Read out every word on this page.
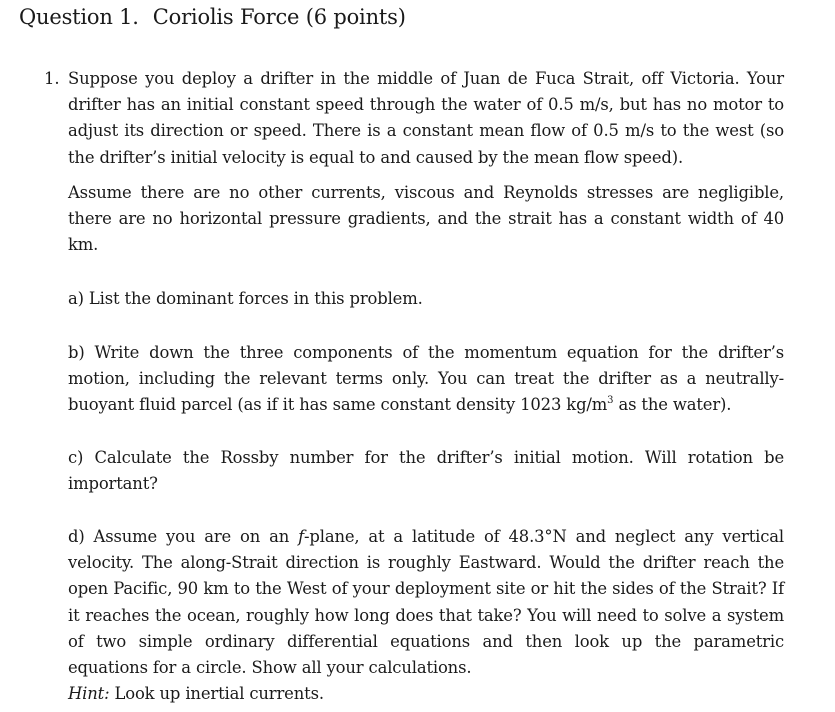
Question 1. Coriolis Force (6 points)
1. Suppose you deploy a drifter in the middle of Juan de Fuca Strait, off Victoria. Your drifter has an initial constant speed through the water of 0.5 m/s, but has no motor to adjust its direction or speed. There is a constant mean flow of 0.5 m/s to the west (so the drifter’s initial velocity is equal to and caused by the mean flow speed).
Assume there are no other currents, viscous and Reynolds stresses are negligible, there are no horizontal pressure gradients, and the strait has a constant width of 40 km.
a) List the dominant forces in this problem.
b) Write down the three components of the momentum equation for the drifter’s motion, including the relevant terms only. You can treat the drifter as a neutrally-buoyant fluid parcel (as if it has same constant density 1023 $kg/m^3$ as the water).
c) Calculate the Rossby number for the drifter’s initial motion. Will rotation be important?
d) Assume you are on an f-plane, at a latitude of 48.3°N and neglect any vertical velocity. The along-Strait direction is roughly Eastward. Would the drifter reach the open Pacific, 90 km to the West of your deployment site or hit the sides of the Strait? If it reaches the ocean, roughly how long does that take? You will need to solve a system of two simple ordinary differential equations and then look up the parametric equations for a circle. Show all your calculations.
Hint: Look up inertial currents.
